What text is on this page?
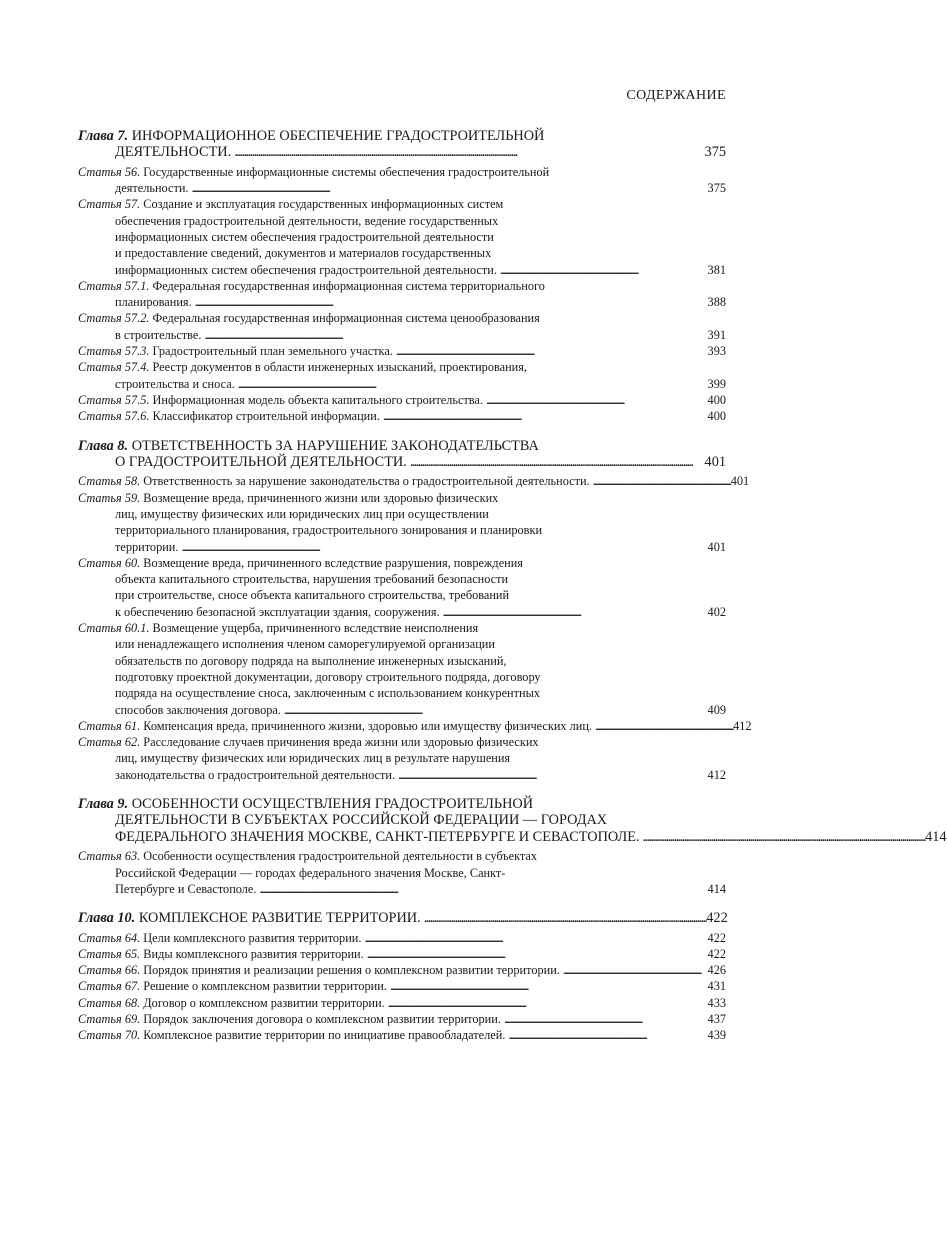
СОДЕРЖАНИЕ
Глава 7. ИНФОРМАЦИОННОЕ ОБЕСПЕЧЕНИЕ ГРАДОСТРОИТЕЛЬНОЙ
ДЕЯТЕЛЬНОСТИ. . . .	375
Статья 56. Государственные информационные системы обеспечения градостроительной
деятельности. . . .	375
Статья 57. Создание и эксплуатация государственных информационных систем
обеспечения градостроительной деятельности, ведение государственных
информационных систем обеспечения градостроительной деятельности
и предоставление сведений, документов и материалов государственных
информационных систем обеспечения градостроительной деятельности. . . .	381
Статья 57.1. Федеральная государственная информационная система территориального
планирования. . . .	388
Статья 57.2. Федеральная государственная информационная система ценообразования
в строительстве. . . .	391
Статья 57.3. Градостроительный план земельного участка. . . .	393
Статья 57.4. Реестр документов в области инженерных изысканий, проектирования,
строительства и сноса. . . .	399
Статья 57.5. Информационная модель объекта капитального строительства. . . .	400
Статья 57.6. Классификатор строительной информации. . . .	400
Глава 8. ОТВЕТСТВЕННОСТЬ ЗА НАРУШЕНИЕ ЗАКОНОДАТЕЛЬСТВА
О ГРАДОСТРОИТЕЛЬНОЙ ДЕЯТЕЛЬНОСТИ. . . .	401
Статья 58. Ответственность за нарушение законодательства о градостроительной деятельности. . . .	401
Статья 59. Возмещение вреда, причиненного жизни или здоровью физических
лиц, имуществу физических или юридических лиц при осуществлении
территориального планирования, градостроительного зонирования и планировки
территории. . . .	401
Статья 60. Возмещение вреда, причиненного вследствие разрушения, повреждения
объекта капитального строительства, нарушения требований безопасности
при строительстве, сносе объекта капитального строительства, требований
к обеспечению безопасной эксплуатации здания, сооружения. . . .	402
Статья 60.1. Возмещение ущерба, причиненного вследствие неисполнения
или ненадлежащего исполнения членом саморегулируемой организации
обязательств по договору подряда на выполнение инженерных изысканий,
подготовку проектной документации, договору строительного подряда, договору
подряда на осуществление сноса, заключенным с использованием конкурентных
способов заключения договора. . . .	409
Статья 61. Компенсация вреда, причиненного жизни, здоровью или имуществу физических лиц. . . .	412
Статья 62. Расследование случаев причинения вреда жизни или здоровью физических
лиц, имуществу физических или юридических лиц в результате нарушения
законодательства о градостроительной деятельности. . . .	412
Глава 9. ОСОБЕННОСТИ ОСУЩЕСТВЛЕНИЯ ГРАДОСТРОИТЕЛЬНОЙ
ДЕЯТЕЛЬНОСТИ В СУБЪЕКТАХ РОССИЙСКОЙ ФЕДЕРАЦИИ — ГОРОДАХ
ФЕДЕРАЛЬНОГО ЗНАЧЕНИЯ МОСКВЕ, САНКТ-ПЕТЕРБУРГЕ И СЕВАСТОПОЛЕ. . . .	414
Статья 63. Особенности осуществления градостроительной деятельности в субъектах
Российской Федерации — городах федерального значения Москве, Санкт-
Петербурге и Севастополе. . . .	414
Глава 10. КОМПЛЕКСНОЕ РАЗВИТИЕ ТЕРРИТОРИИ. . . .	422
Статья 64. Цели комплексного развития территории. . . .	422
Статья 65. Виды комплексного развития территории. . . .	422
Статья 66. Порядок принятия и реализации решения о комплексном развитии территории. . . .	426
Статья 67. Решение о комплексном развитии территории. . . .	431
Статья 68. Договор о комплексном развитии территории. . . .	433
Статья 69. Порядок заключения договора о комплексном развитии территории. . . .	437
Статья 70. Комплексное развитие территории по инициативе правообладателей. . . .	439
